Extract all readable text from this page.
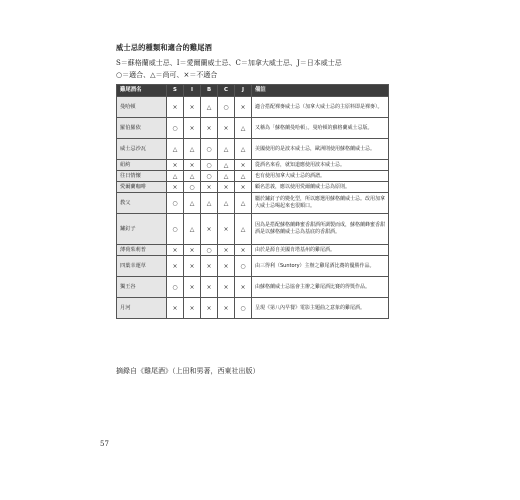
威士忌的種類和適合的雞尾酒
S＝蘇格蘭威士忌、I＝愛爾蘭威士忌、C＝加拿大威士忌、J＝日本威士忌
○＝適合、△＝尚可、×＝不適合
雞尾酒名	S	I	B	C	J	備註
曼哈頓	×	×	△	○	×	適合搭配裸麥威士忌（加拿大威士忌的主原料即是裸麥）。
羅伯羅依	○	×	×	×	△	又稱為「蘇格蘭曼哈頓」。曼哈頓的蘇格蘭威士忌版。
威士忌沙瓦	△	△	○	△	△	美國使用的是波本威士忌，歐洲則使用蘇格蘭威士忌。
紐約	×	×	○	△	×	從酒名來看，就知道應使用波本威士忌。
往日情懷	△	△	○	△	△	也有使用加拿大威士忌的酒譜。
愛爾蘭咖啡	×	○	×	×	×	顧名思義，應以使用愛爾蘭威士忌為原則。
教父	○	△	△	△	△	屬於鏽釘子的變化型，所以應選用蘇格蘭威士忌。改用加拿大威士忌喝起來也很順口。
鏽釘子	○	△	×	×	△	因為是搭配蘇格蘭蜂蜜香甜酒所調製而成，蘇格蘭蜂蜜香甜酒是以蘇格蘭威士忌為基底的香甜酒。
薄荷茱莉普	×	×	○	×	×	由於是源自美國肯塔基州的雞尾酒。
四葉幸運草	×	×	×	×	○	由三得利（Suntory）主辦之雞尾酒比賽的優勝作品。
獨王谷	○	×	×	×	×	由蘇格蘭威士忌協會主辦之雞尾酒比賽的得獎作品。
月河	×	×	×	×	○	呈現《第八內早餐》電影主題曲之意象的雞尾酒。
摘錄自《雞尾酒》（上田和男著，西東社出版）
57
